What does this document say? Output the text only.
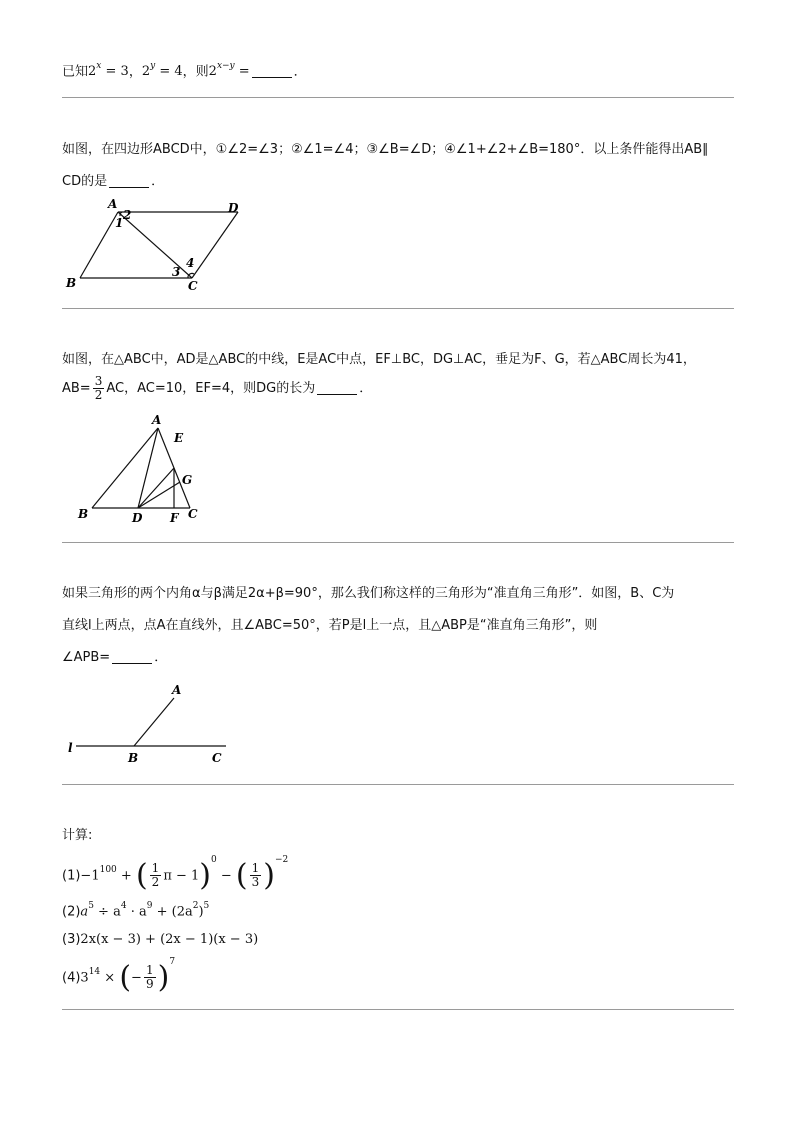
已知$2^x = 3$，$2^y = 4$，则$2^{x-y}$ =	．
如图，在四边形ABCD中，①∠2=∠3；②∠1=∠4；③∠B=∠D；④∠1+∠2+∠B=180°．以上条件能得出AB∥
CD的是	．
A	D
B	C
1
2
3
4
如图，在△ABC中，AD是△ABC的中线，E是AC中点，EF⊥BC，DG⊥AC，垂足为F、G，若△ABC周长为41，
$AB= \frac{3}{2}$ AC，AC=10，EF=4，则DG的长为	．
A
B	D F C
E
G
如果三角形的两个内角α与β满足2α+β=90°，那么我们称这样的三角形为“准直角三角形”．如图，B、C为
直线l上两点，点A在直线外，且∠ABC=50°，若P是l上一点，且△ABP是“准直角三角形”，则
∠APB=	．
A
l
B	C
计算:
$(1)-1^{100}$ + ( $\frac{1}{2}$ π − 1)$^0$ − ( $\frac{1}{3} )^{-2}$
$(2)a^5 \div a^4 \cdot a^9 + (2a^2)^5$
(3)2x(x − 3) + (2x − 1)(x − 3)
$(4)3^{14}$ × (− $\frac{1}{9} )^7$
